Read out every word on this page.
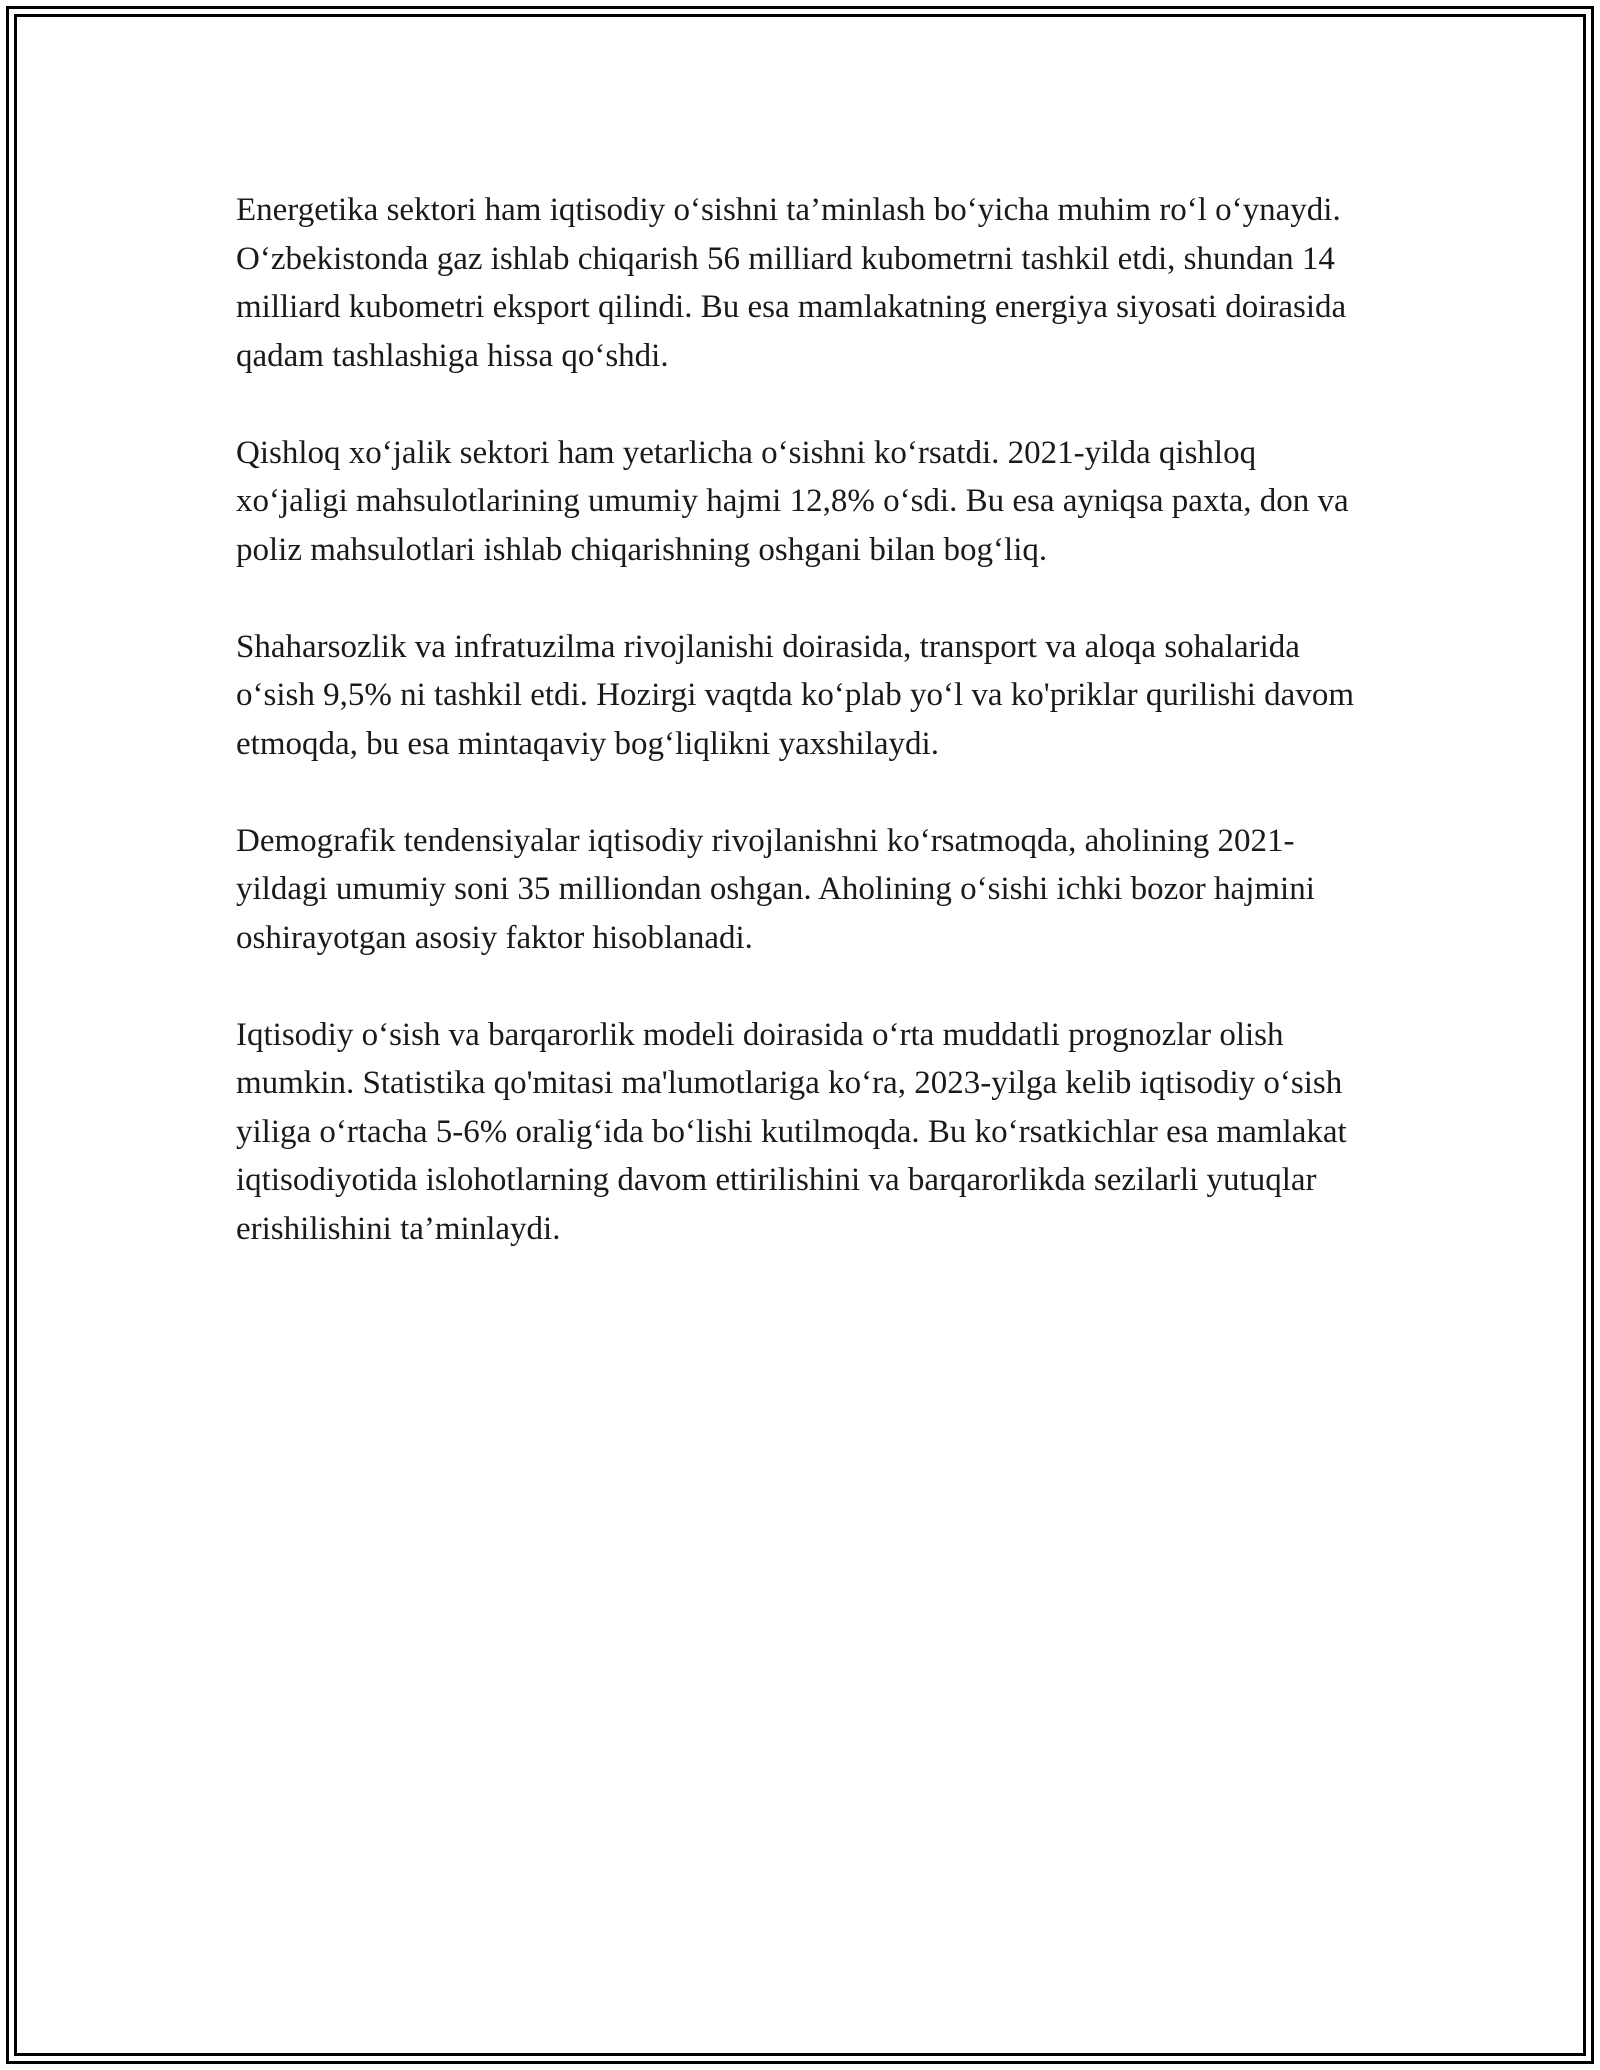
Energetika sektori ham iqtisodiy o‘sishni ta’minlash bo‘yicha muhim ro‘l o‘ynaydi. O‘zbekistonda gaz ishlab chiqarish 56 milliard kubometrni tashkil etdi, shundan 14 milliard kubometri eksport qilindi. Bu esa mamlakatning energiya siyosati doirasida qadam tashlashiga hissa qo‘shdi.

Qishloq xo‘jalik sektori ham yetarlicha o‘sishni ko‘rsatdi. 2021-yilda qishloq xo‘jaligi mahsulotlarining umumiy hajmi 12,8% o‘sdi. Bu esa ayniqsa paxta, don va poliz mahsulotlari ishlab chiqarishning oshgani bilan bog‘liq.

Shaharsozlik va infratuzilma rivojlanishi doirasida, transport va aloqa sohalarida o‘sish 9,5% ni tashkil etdi. Hozirgi vaqtda ko‘plab yo‘l va ko'priklar qurilishi davom etmoqda, bu esa mintaqaviy bog‘liqlikni yaxshilaydi.

Demografik tendensiyalar iqtisodiy rivojlanishni ko‘rsatmoqda, aholining 2021-yildagi umumiy soni 35 milliondan oshgan. Aholining o‘sishi ichki bozor hajmini oshirayotgan asosiy faktor hisoblanadi.

Iqtisodiy o‘sish va barqarorlik modeli doirasida o‘rta muddatli prognozlar olish mumkin. Statistika qo'mitasi ma'lumotlariga ko‘ra, 2023-yilga kelib iqtisodiy o‘sish yiliga o‘rtacha 5-6% oralig‘ida bo‘lishi kutilmoqda. Bu ko‘rsatkichlar esa mamlakat iqtisodiyotida islohotlarning davom ettirilishini va barqarorlikda sezilarli yutuqlar erishilishini ta’minlaydi.
